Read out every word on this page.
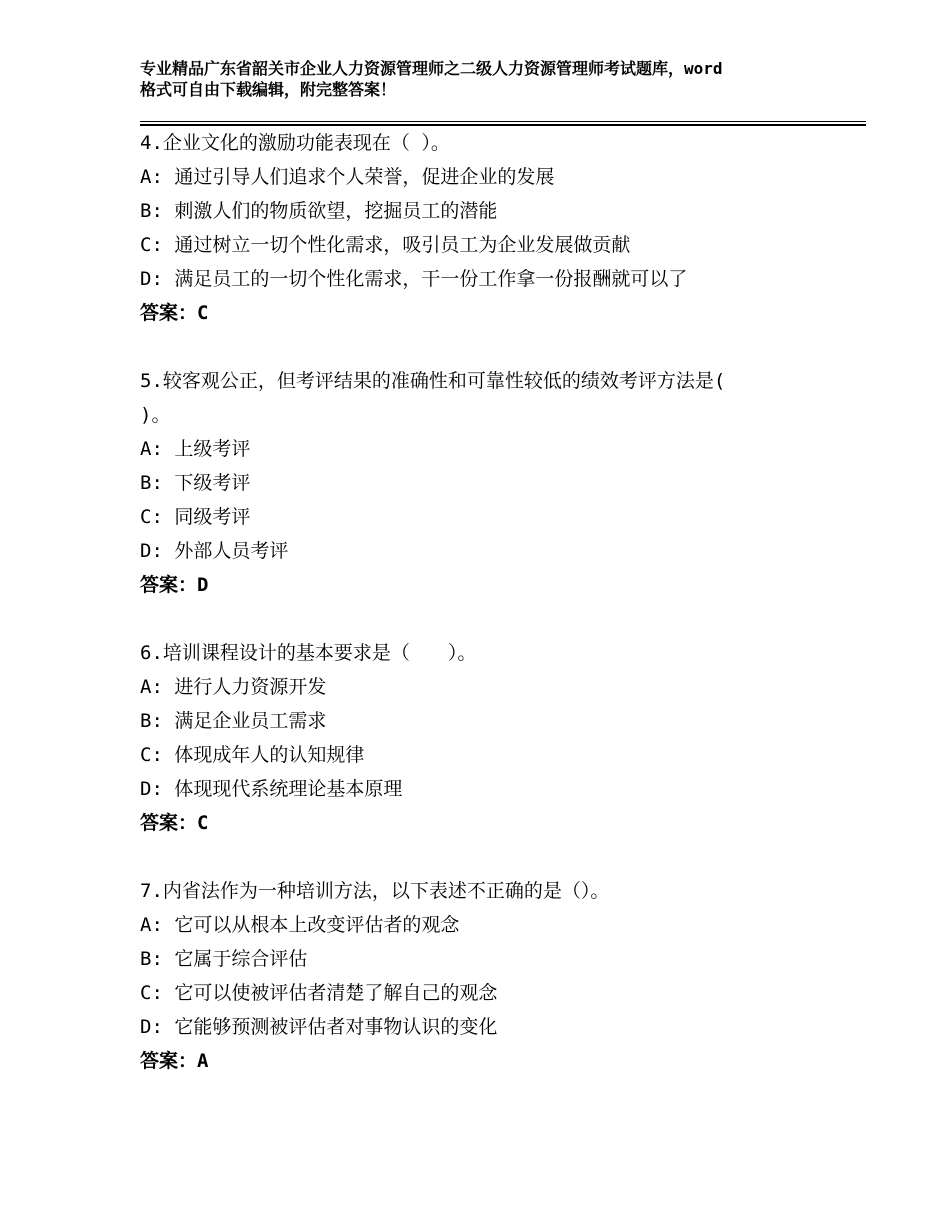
专业精品广东省韶关市企业人力资源管理师之二级人力资源管理师考试题库，word
格式可自由下载编辑，附完整答案！
4.企业文化的激励功能表现在（ ）。
A: 通过引导人们追求个人荣誉，促进企业的发展
B: 刺激人们的物质欲望，挖掘员工的潜能
C: 通过树立一切个性化需求，吸引员工为企业发展做贡献
D: 满足员工的一切个性化需求，干一份工作拿一份报酬就可以了
答案：C
5.较客观公正，但考评结果的准确性和可靠性较低的绩效考评方法是(
)。
A: 上级考评
B: 下级考评
C: 同级考评
D: 外部人员考评
答案：D
6.培训课程设计的基本要求是（　　）。
A: 进行人力资源开发
B: 满足企业员工需求
C: 体现成年人的认知规律
D: 体现现代系统理论基本原理
答案：C
7.内省法作为一种培训方法，以下表述不正确的是（）。
A: 它可以从根本上改变评估者的观念
B: 它属于综合评估
C: 它可以使被评估者清楚了解自己的观念
D: 它能够预测被评估者对事物认识的变化
答案：A
